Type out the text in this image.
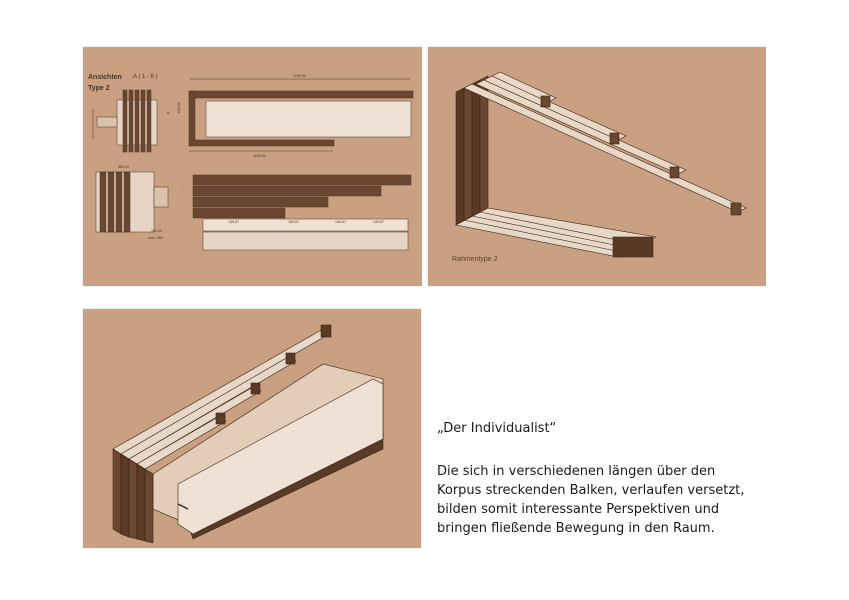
Ansichten
Type 2
A ( 1 - 6 )
A
2250,00
1638,00
600,00
580,00
150,00
max. 350
—
149,67	150,67	149,67	149,67
Rahmentype 2
„Der Individualist“
Die sich in verschiedenen längen über den
Korpus streckenden Balken, verlaufen versetzt,
bilden somit interessante Perspektiven und
bringen fließende Bewegung in den Raum.
